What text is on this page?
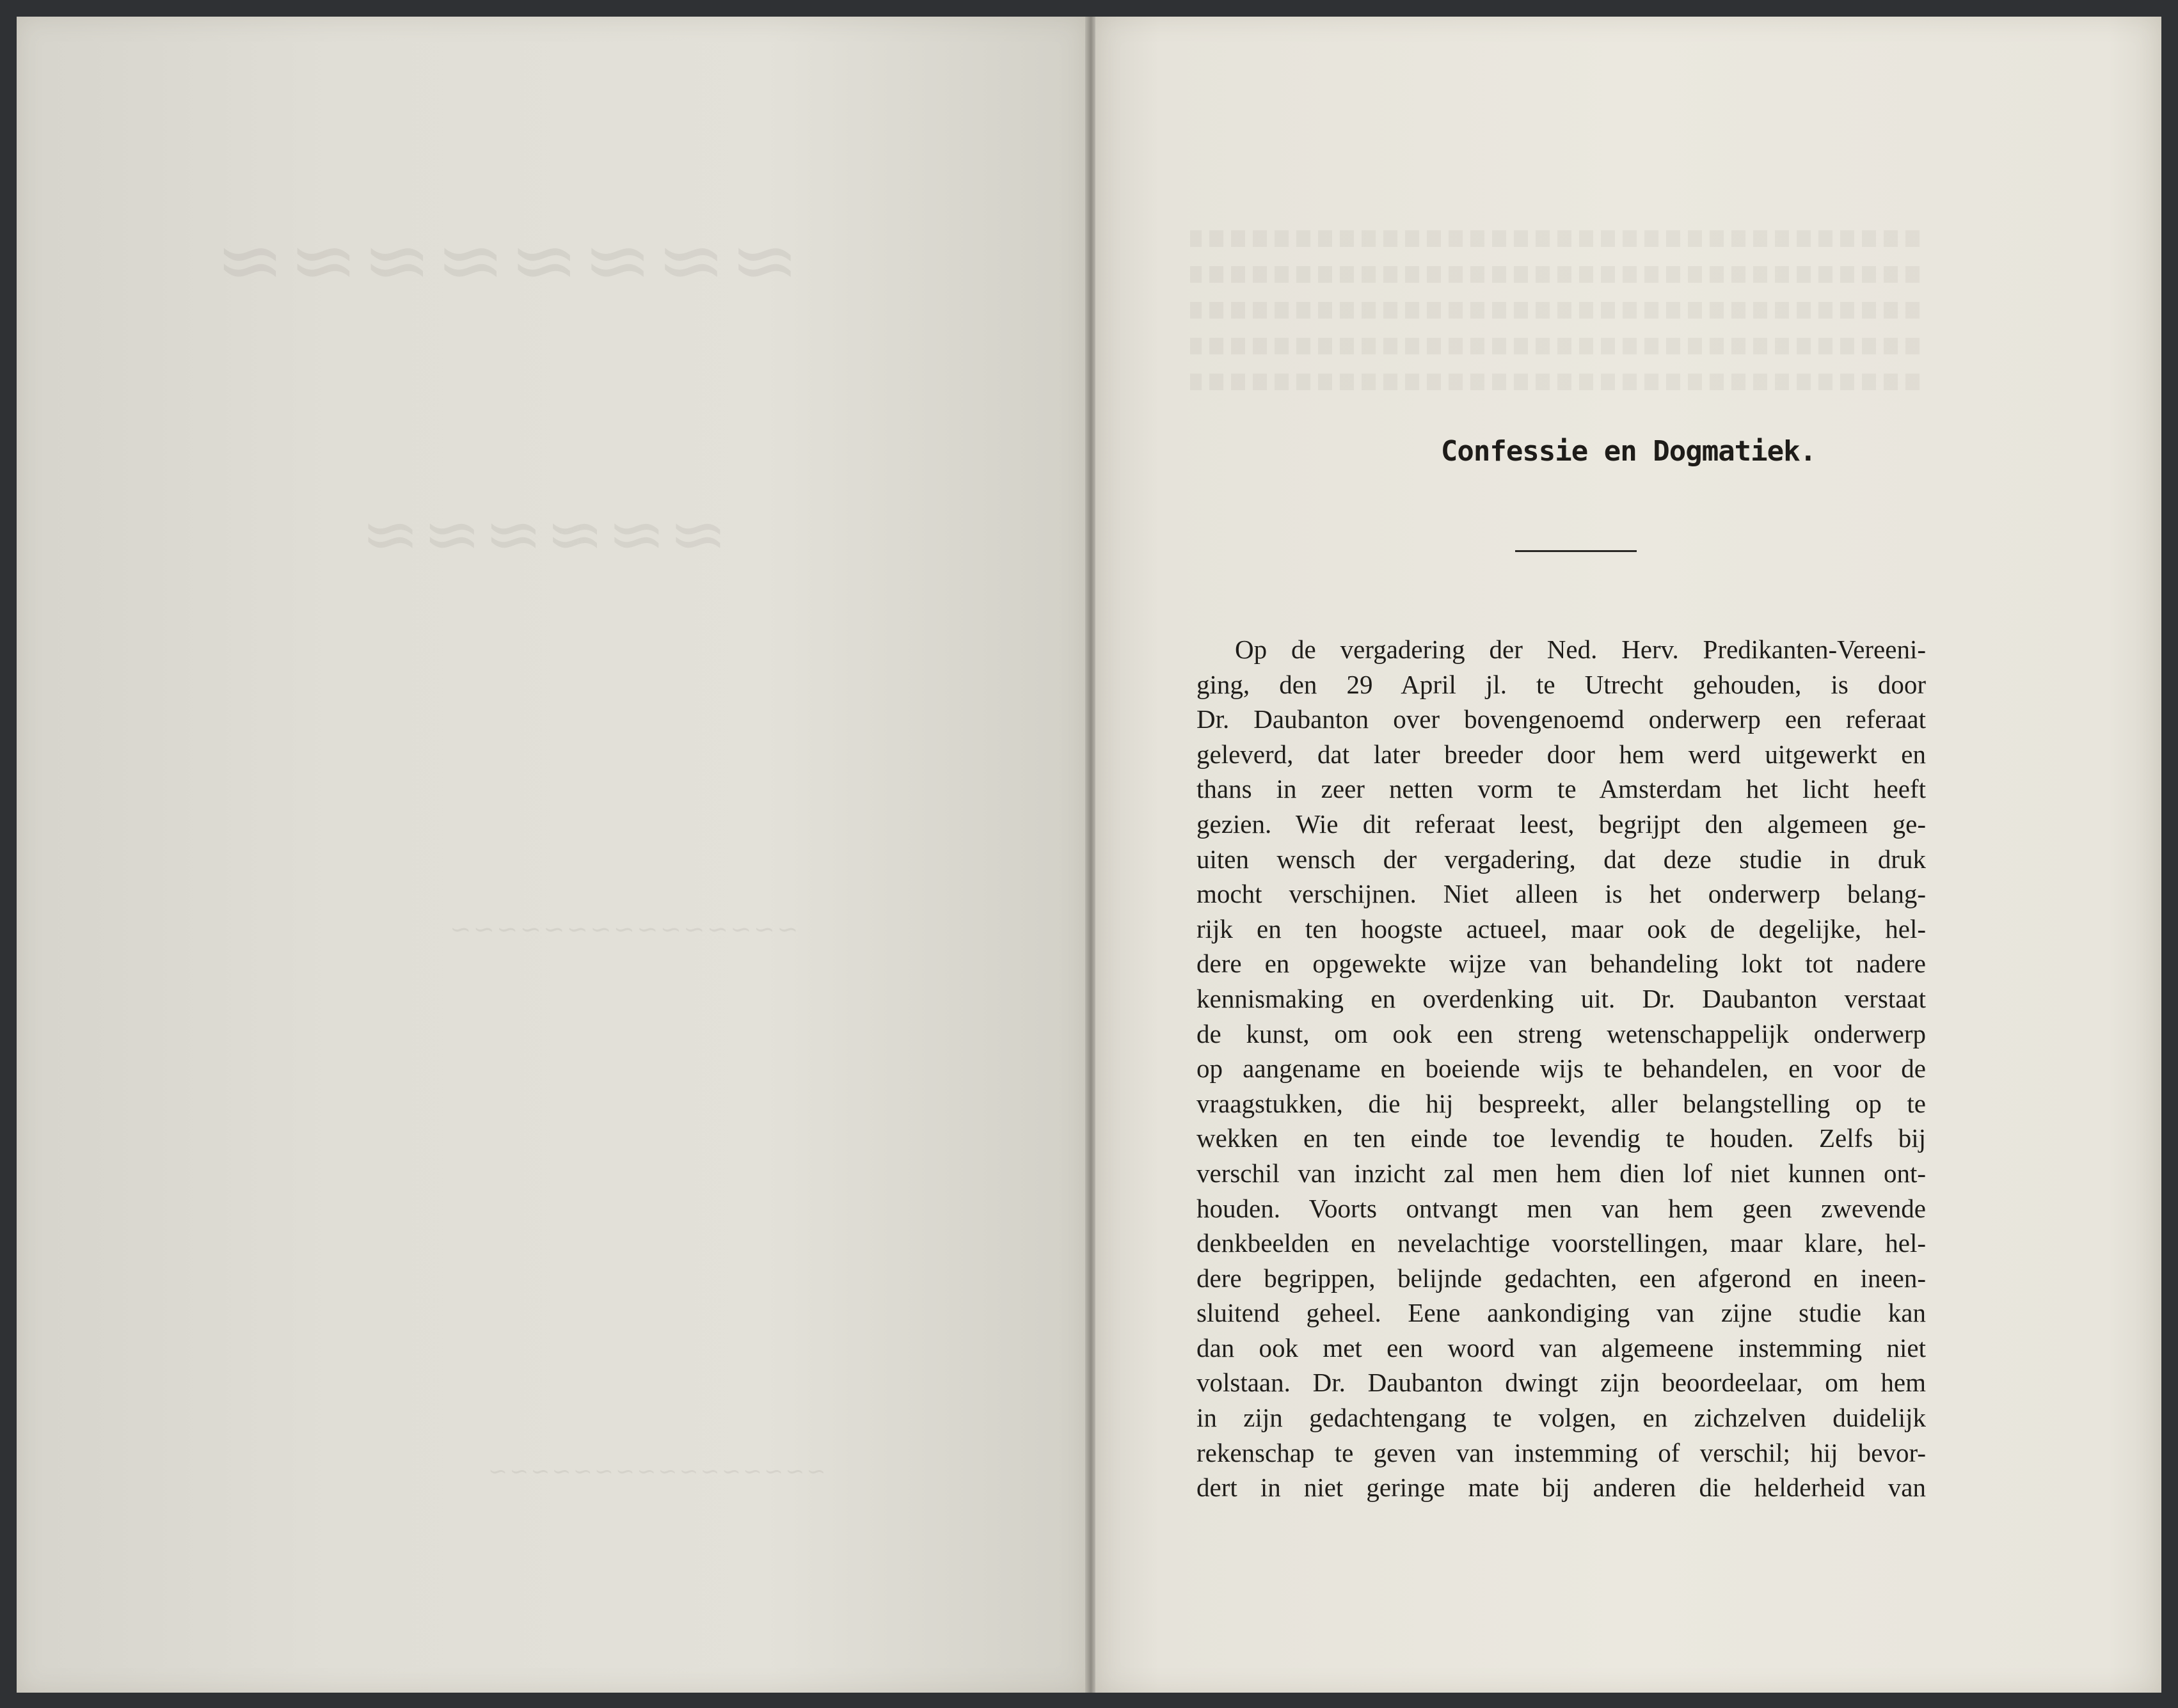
≈≈≈≈≈≈≈≈
≈≈≈≈≈≈
~~~~~~~~~~~~~~~
~~~~~~~~~~~~~~~~
Confessie en Dogmatiek.
Op de vergadering der Ned. Herv. Predikanten-Vereeni-
ging, den 29 April jl. te Utrecht gehouden, is door
Dr. Daubanton over bovengenoemd onderwerp een referaat
geleverd, dat later breeder door hem werd uitgewerkt en
thans in zeer netten vorm te Amsterdam het licht heeft
gezien. Wie dit referaat leest, begrijpt den algemeen ge-
uiten wensch der vergadering, dat deze studie in druk
mocht verschijnen. Niet alleen is het onderwerp belang-
rijk en ten hoogste actueel, maar ook de degelijke, hel-
dere en opgewekte wijze van behandeling lokt tot nadere
kennismaking en overdenking uit. Dr. Daubanton verstaat
de kunst, om ook een streng wetenschappelijk onderwerp
op aangename en boeiende wijs te behandelen, en voor de
vraagstukken, die hij bespreekt, aller belangstelling op te
wekken en ten einde toe levendig te houden. Zelfs bij
verschil van inzicht zal men hem dien lof niet kunnen ont-
houden. Voorts ontvangt men van hem geen zwevende
denkbeelden en nevelachtige voorstellingen, maar klare, hel-
dere begrippen, belijnde gedachten, een afgerond en ineen-
sluitend geheel. Eene aankondiging van zijne studie kan
dan ook met een woord van algemeene instemming niet
volstaan. Dr. Daubanton dwingt zijn beoordeelaar, om hem
in zijn gedachtengang te volgen, en zichzelven duidelijk
rekenschap te geven van instemming of verschil; hij bevor-
dert in niet geringe mate bij anderen die helderheid van
